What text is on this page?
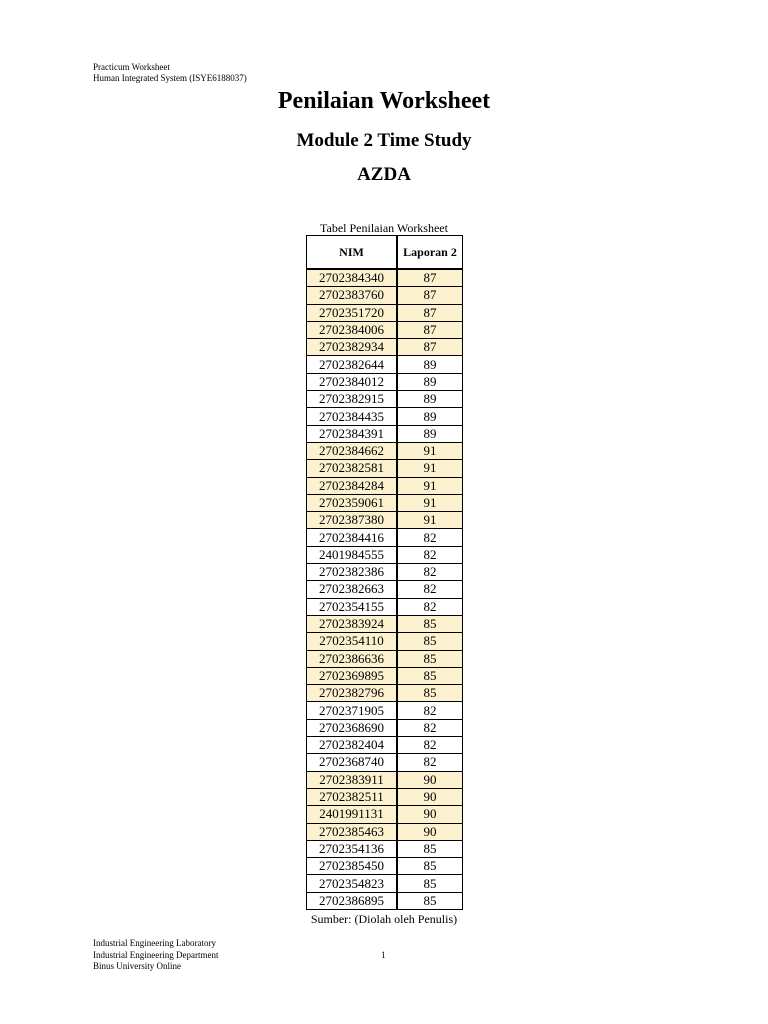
Practicum Worksheet
Human Integrated System (ISYE6188037)
Penilaian Worksheet
Module 2 Time Study
AZDA
Tabel Penilaian Worksheet
NIM	Laporan 2
2702384340	87
2702383760	87
2702351720	87
2702384006	87
2702382934	87
2702382644	89
2702384012	89
2702382915	89
2702384435	89
2702384391	89
2702384662	91
2702382581	91
2702384284	91
2702359061	91
2702387380	91
2702384416	82
2401984555	82
2702382386	82
2702382663	82
2702354155	82
2702383924	85
2702354110	85
2702386636	85
2702369895	85
2702382796	85
2702371905	82
2702368690	82
2702382404	82
2702368740	82
2702383911	90
2702382511	90
2401991131	90
2702385463	90
2702354136	85
2702385450	85
2702354823	85
2702386895	85
Sumber: (Diolah oleh Penulis)
Industrial Engineering Laboratory
Industrial Engineering Department
Binus University Online
1
